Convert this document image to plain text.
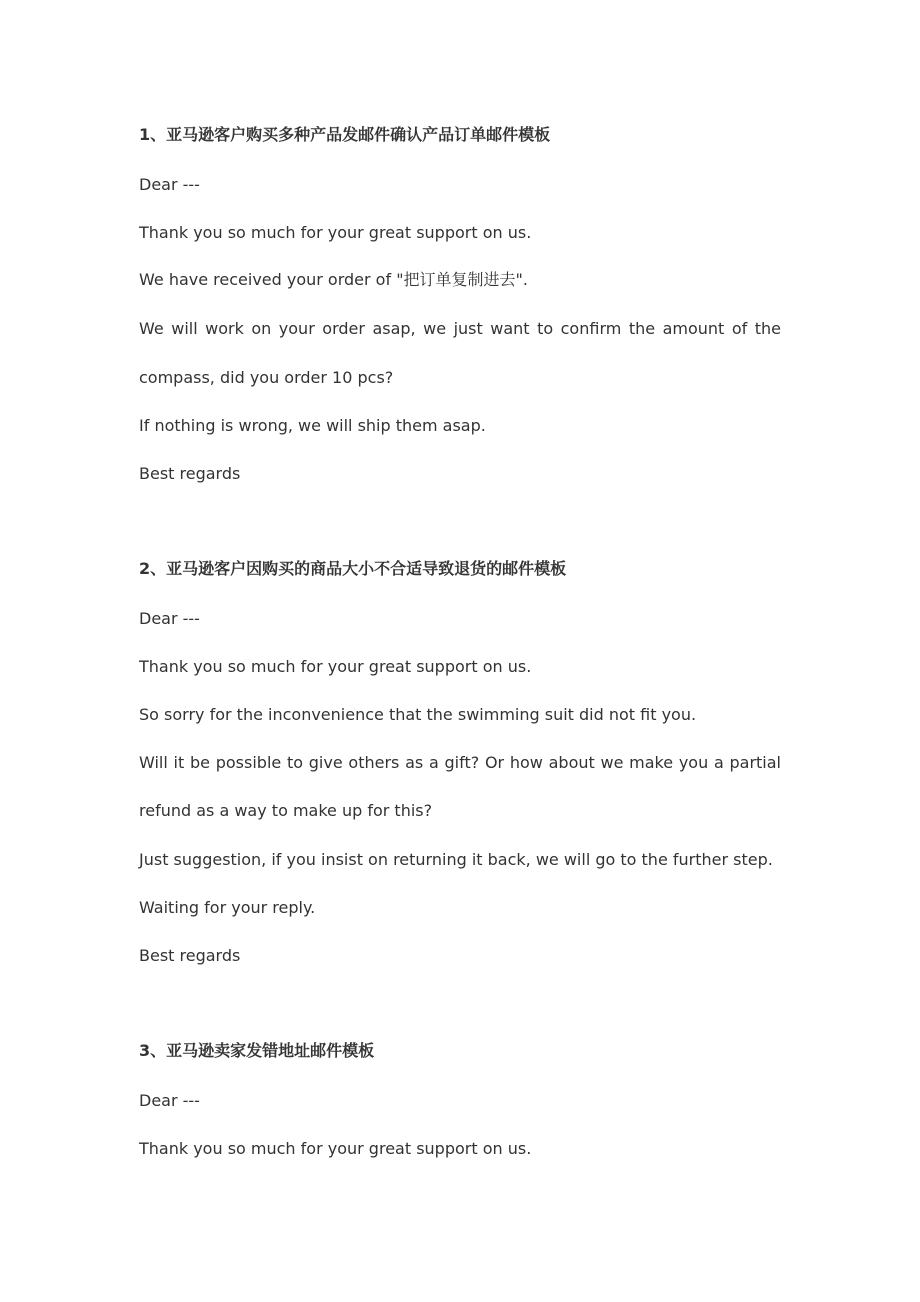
1、亚马逊客户购买多种产品发邮件确认产品订单邮件模板
Dear ---
Thank you so much for your great support on us.
We have received your order of "把订单复制进去".
We will work on your order asap, we just want to confirm the amount of the
compass, did you order 10 pcs?
If nothing is wrong, we will ship them asap.
Best regards
2、亚马逊客户因购买的商品大小不合适导致退货的邮件模板
Dear ---
Thank you so much for your great support on us.
So sorry for the inconvenience that the swimming suit did not fit you.
Will it be possible to give others as a gift? Or how about we make you a partial
refund as a way to make up for this?
Just suggestion, if you insist on returning it back, we will go to the further step.
Waiting for your reply.
Best regards
3、亚马逊卖家发错地址邮件模板
Dear ---
Thank you so much for your great support on us.
